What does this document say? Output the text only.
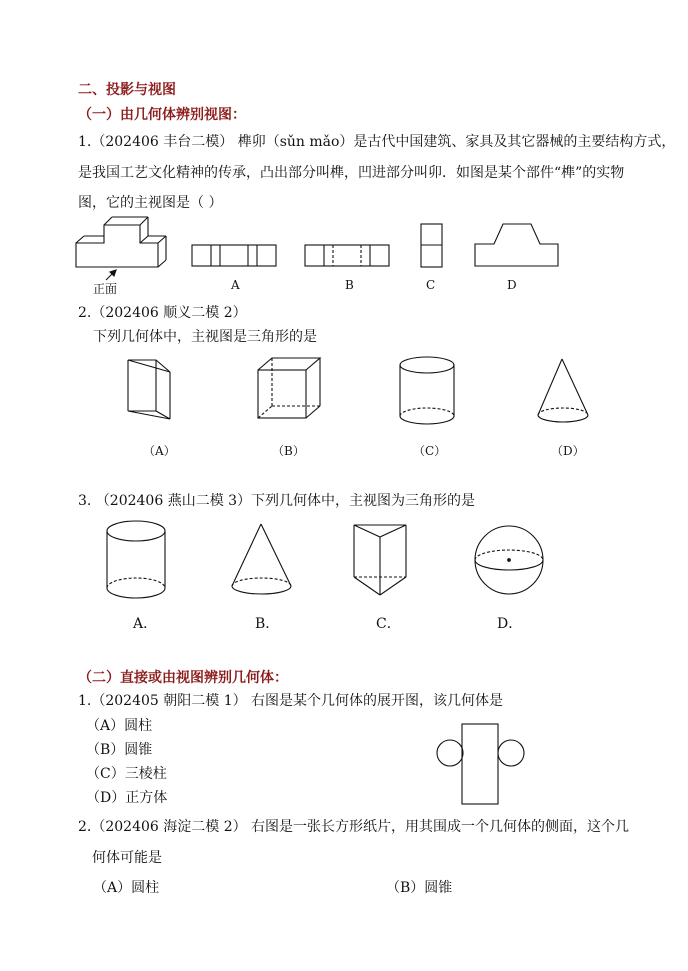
二、投影与视图
（一）由几何体辨别视图：
1.（202406 丰台二模） 榫卯（sǔn mǎo）是古代中国建筑、家具及其它器械的主要结构方式，
是我国工艺文化精神的传承，凸出部分叫榫，凹进部分叫卯．如图是某个部件“榫”的实物
图，它的主视图是（ ）
正面	A	B	C	D
2.（202406 顺义二模 2）
下列几何体中，主视图是三角形的是
（A）	（B）	（C）	（D）
3. （202406 燕山二模 3）下列几何体中，主视图为三角形的是
A．	B．	C．	D．
（二）直接或由视图辨别几何体：
1.（202405 朝阳二模 1） 右图是某个几何体的展开图，该几何体是
（A）圆柱
（B）圆锥
（C）三棱柱
（D）正方体
2.（202406 海淀二模 2） 右图是一张长方形纸片，用其围成一个几何体的侧面，这个几
何体可能是
（A）圆柱	（B）圆锥
